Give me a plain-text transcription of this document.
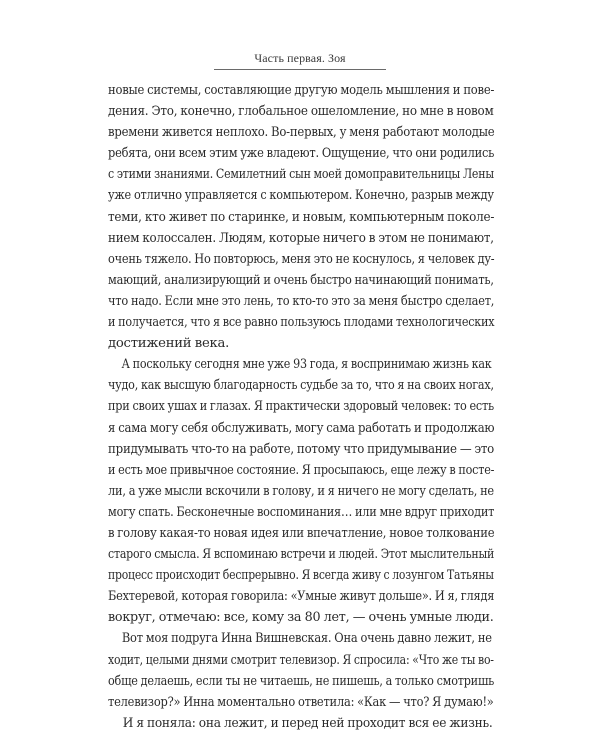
Часть первая. Зоя
новые системы, составляющие другую модель мышления и пове-
дения. Это, конечно, глобальное ошеломление, но мне в новом
времени живется неплохо. Во-первых, у меня работают молодые
ребята, они всем этим уже владеют. Ощущение, что они родились
с этими знаниями. Семилетний сын моей домоправительницы Лены
уже отлично управляется с компьютером. Конечно, разрыв между
теми, кто живет по старинке, и новым, компьютерным поколе-
нием колоссален. Людям, которые ничего в этом не понимают,
очень тяжело. Но повторюсь, меня это не коснулось, я человек ду-
мающий, анализирующий и очень быстро начинающий понимать,
что надо. Если мне это лень, то кто-то это за меня быстро сделает,
и получается, что я все равно пользуюсь плодами технологических
достижений века.
А поскольку сегодня мне уже 93 года, я воспринимаю жизнь как
чудо, как высшую благодарность судьбе за то, что я на своих ногах,
при своих ушах и глазах. Я практически здоровый человек: то есть
я сама могу себя обслуживать, могу сама работать и продолжаю
придумывать что-то на работе, потому что придумывание — это
и есть мое привычное состояние. Я просыпаюсь, еще лежу в посте-
ли, а уже мысли вскочили в голову, и я ничего не могу сделать, не
могу спать. Бесконечные воспоминания… или мне вдруг приходит
в голову какая-то новая идея или впечатление, новое толкование
старого смысла. Я вспоминаю встречи и людей. Этот мыслительный
процесс происходит беспрерывно. Я всегда живу с лозунгом Татьяны
Бехтеревой, которая говорила: «Умные живут дольше». И я, глядя
вокруг, отмечаю: все, кому за 80 лет, — очень умные люди.
Вот моя подруга Инна Вишневская. Она очень давно лежит, не
ходит, целыми днями смотрит телевизор. Я спросила: «Что же ты во-
обще делаешь, если ты не читаешь, не пишешь, а только смотришь
телевизор?» Инна моментально ответила: «Как — что? Я думаю!»
И я поняла: она лежит, и перед ней проходит вся ее жизнь.
